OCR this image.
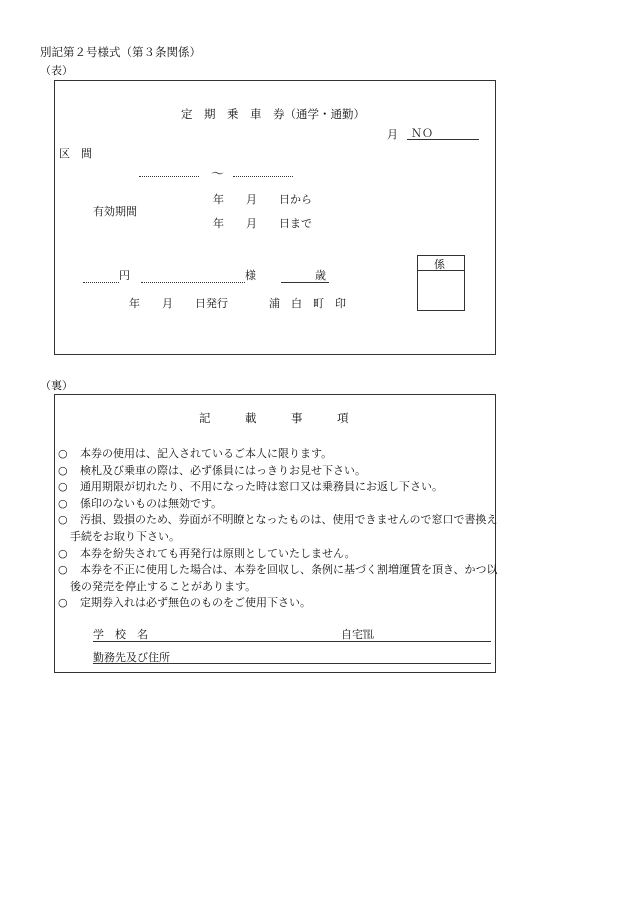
別記第２号様式（第３条関係）
（表）
定　期　乗　車　券（通学・通勤）
月 ＮＯ
区　間
〜
有効期間
年　　月　　日から
年　　月　　日まで
円	様	歳
年　　月　　日発行	浦　白　町　印
係
（裏）
記　　　載　　　事　　　項
学　校　名	自宅℡
勤務先及び住所
○ 本券の使用は、記入されているご本人に限ります。
○ 検札及び乗車の際は、必ず係員にはっきりお見せ下さい。
○ 通用期限が切れたり、不用になった時は窓口又は乗務員にお返し下さい。
○ 係印のないものは無効です。
○ 汚損、毀損のため、券面が不明瞭となったものは、使用できませんので窓口で書換え手続をお取り下さい。
○ 本券を紛失されても再発行は原則としていたしません。
○ 本券を不正に使用した場合は、本券を回収し、条例に基づく割増運賃を頂き、かつ以後の発売を停止することがあります。
○ 定期券入れは必ず無色のものをご使用下さい。
